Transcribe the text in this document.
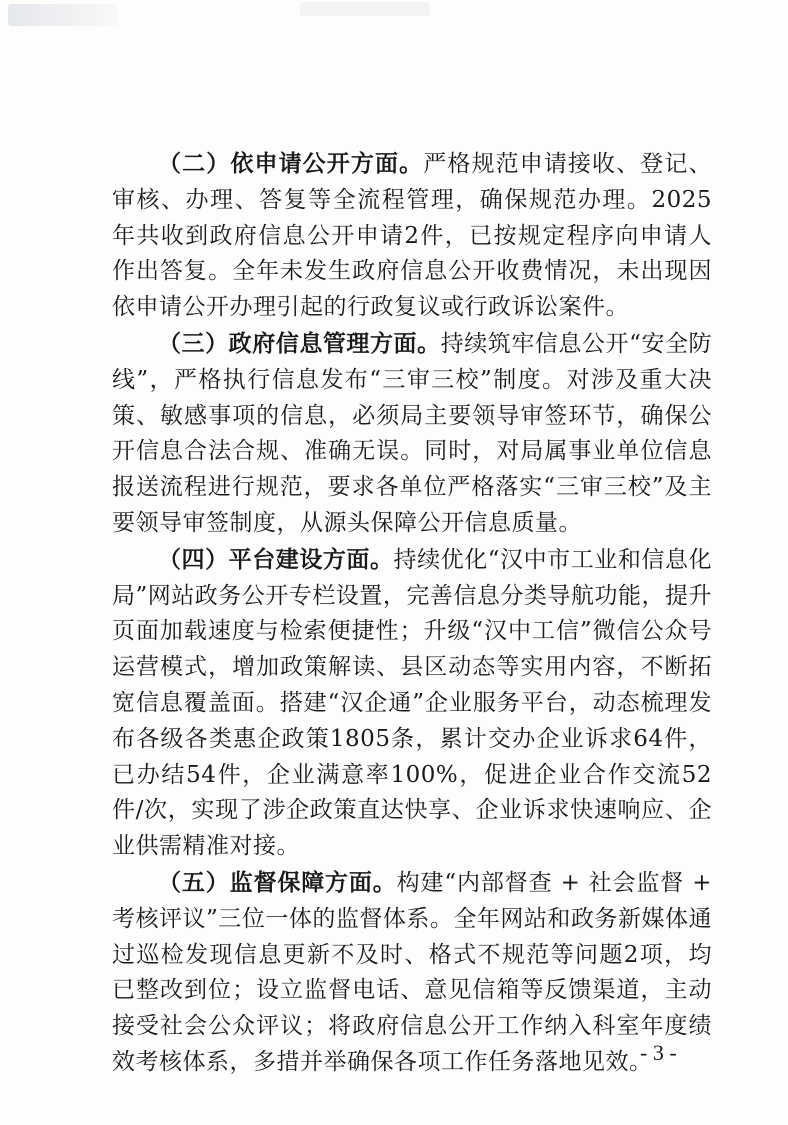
（二）依申请公开方面。严格规范申请接收、登记、审核、办理、答复等全流程管理，确保规范办理。2025年共收到政府信息公开申请2件，已按规定程序向申请人作出答复。全年未发生政府信息公开收费情况，未出现因依申请公开办理引起的行政复议或行政诉讼案件。

（三）政府信息管理方面。持续筑牢信息公开“安全防线”，严格执行信息发布“三审三校”制度。对涉及重大决策、敏感事项的信息，必须局主要领导审签环节，确保公开信息合法合规、准确无误。同时，对局属事业单位信息报送流程进行规范，要求各单位严格落实“三审三校”及主要领导审签制度，从源头保障公开信息质量。

（四）平台建设方面。持续优化“汉中市工业和信息化局”网站政务公开专栏设置，完善信息分类导航功能，提升页面加载速度与检索便捷性；升级“汉中工信”微信公众号运营模式，增加政策解读、县区动态等实用内容，不断拓宽信息覆盖面。搭建“汉企通”企业服务平台，动态梳理发布各级各类惠企政策1805条，累计交办企业诉求64件，已办结54件，企业满意率100%，促进企业合作交流52件/次，实现了涉企政策直达快享、企业诉求快速响应、企业供需精准对接。

（五）监督保障方面。构建“内部督查 + 社会监督 + 考核评议”三位一体的监督体系。全年网站和政务新媒体通过巡检发现信息更新不及时、格式不规范等问题2项，均已整改到位；设立监督电话、意见信箱等反馈渠道，主动接受社会公众评议；将政府信息公开工作纳入科室年度绩效考核体系，多措并举确保各项工作任务落地见效。

- 3 -
